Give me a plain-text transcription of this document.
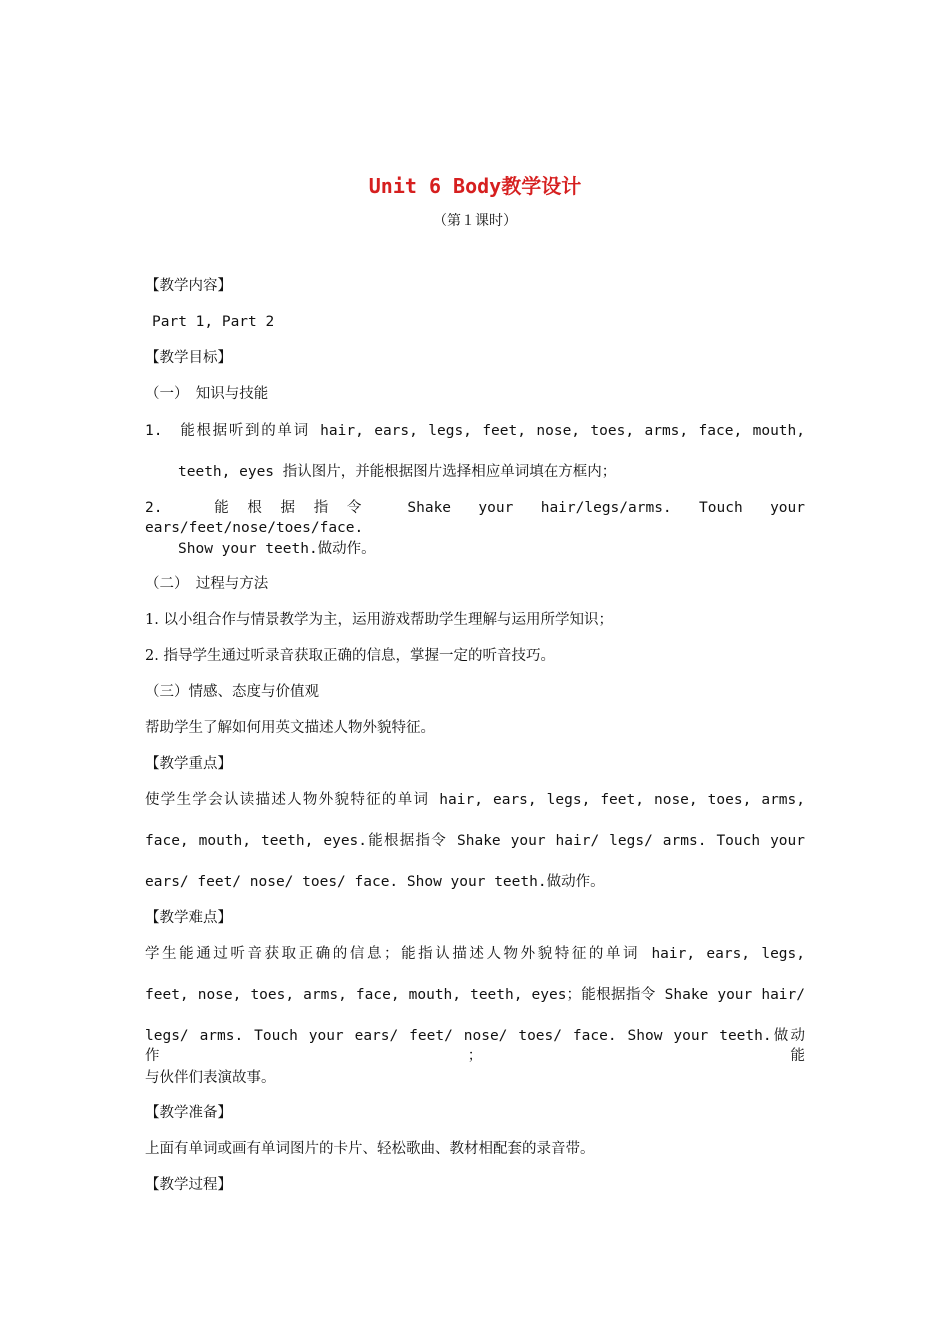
Unit 6 Body教学设计
（第１课时）
【教学内容】
Part 1, Part 2
【教学目标】
（一）　知识与技能
1.　能根据听到的单词 hair, ears, legs, feet, nose, toes, arms, face, mouth,
teeth, eyes 指认图片，并能根据图片选择相应单词填在方框内；
2.　能根据指令 Shake your hair/legs/arms. Touch your ears/feet/nose/toes/face.
Show your teeth.做动作。
（二）　过程与方法
1. 以小组合作与情景教学为主，运用游戏帮助学生理解与运用所学知识；
2. 指导学生通过听录音获取正确的信息，掌握一定的听音技巧。
（三）情感、态度与价值观
帮助学生了解如何用英文描述人物外貌特征。
【教学重点】
使学生学会认读描述人物外貌特征的单词 hair, ears, legs, feet, nose, toes, arms,
face, mouth, teeth, eyes.能根据指令 Shake your hair/ legs/ arms. Touch your
ears/ feet/ nose/ toes/ face. Show your teeth.做动作。
【教学难点】
学生能通过听音获取正确的信息；能指认描述人物外貌特征的单词 hair, ears, legs,
feet, nose, toes, arms, face, mouth, teeth, eyes；能根据指令 Shake your hair/
legs/ arms. Touch your ears/ feet/ nose/ toes/ face. Show your teeth.做动作；能
与伙伴们表演故事。
【教学准备】
上面有单词或画有单词图片的卡片、轻松歌曲、教材相配套的录音带。
【教学过程】
